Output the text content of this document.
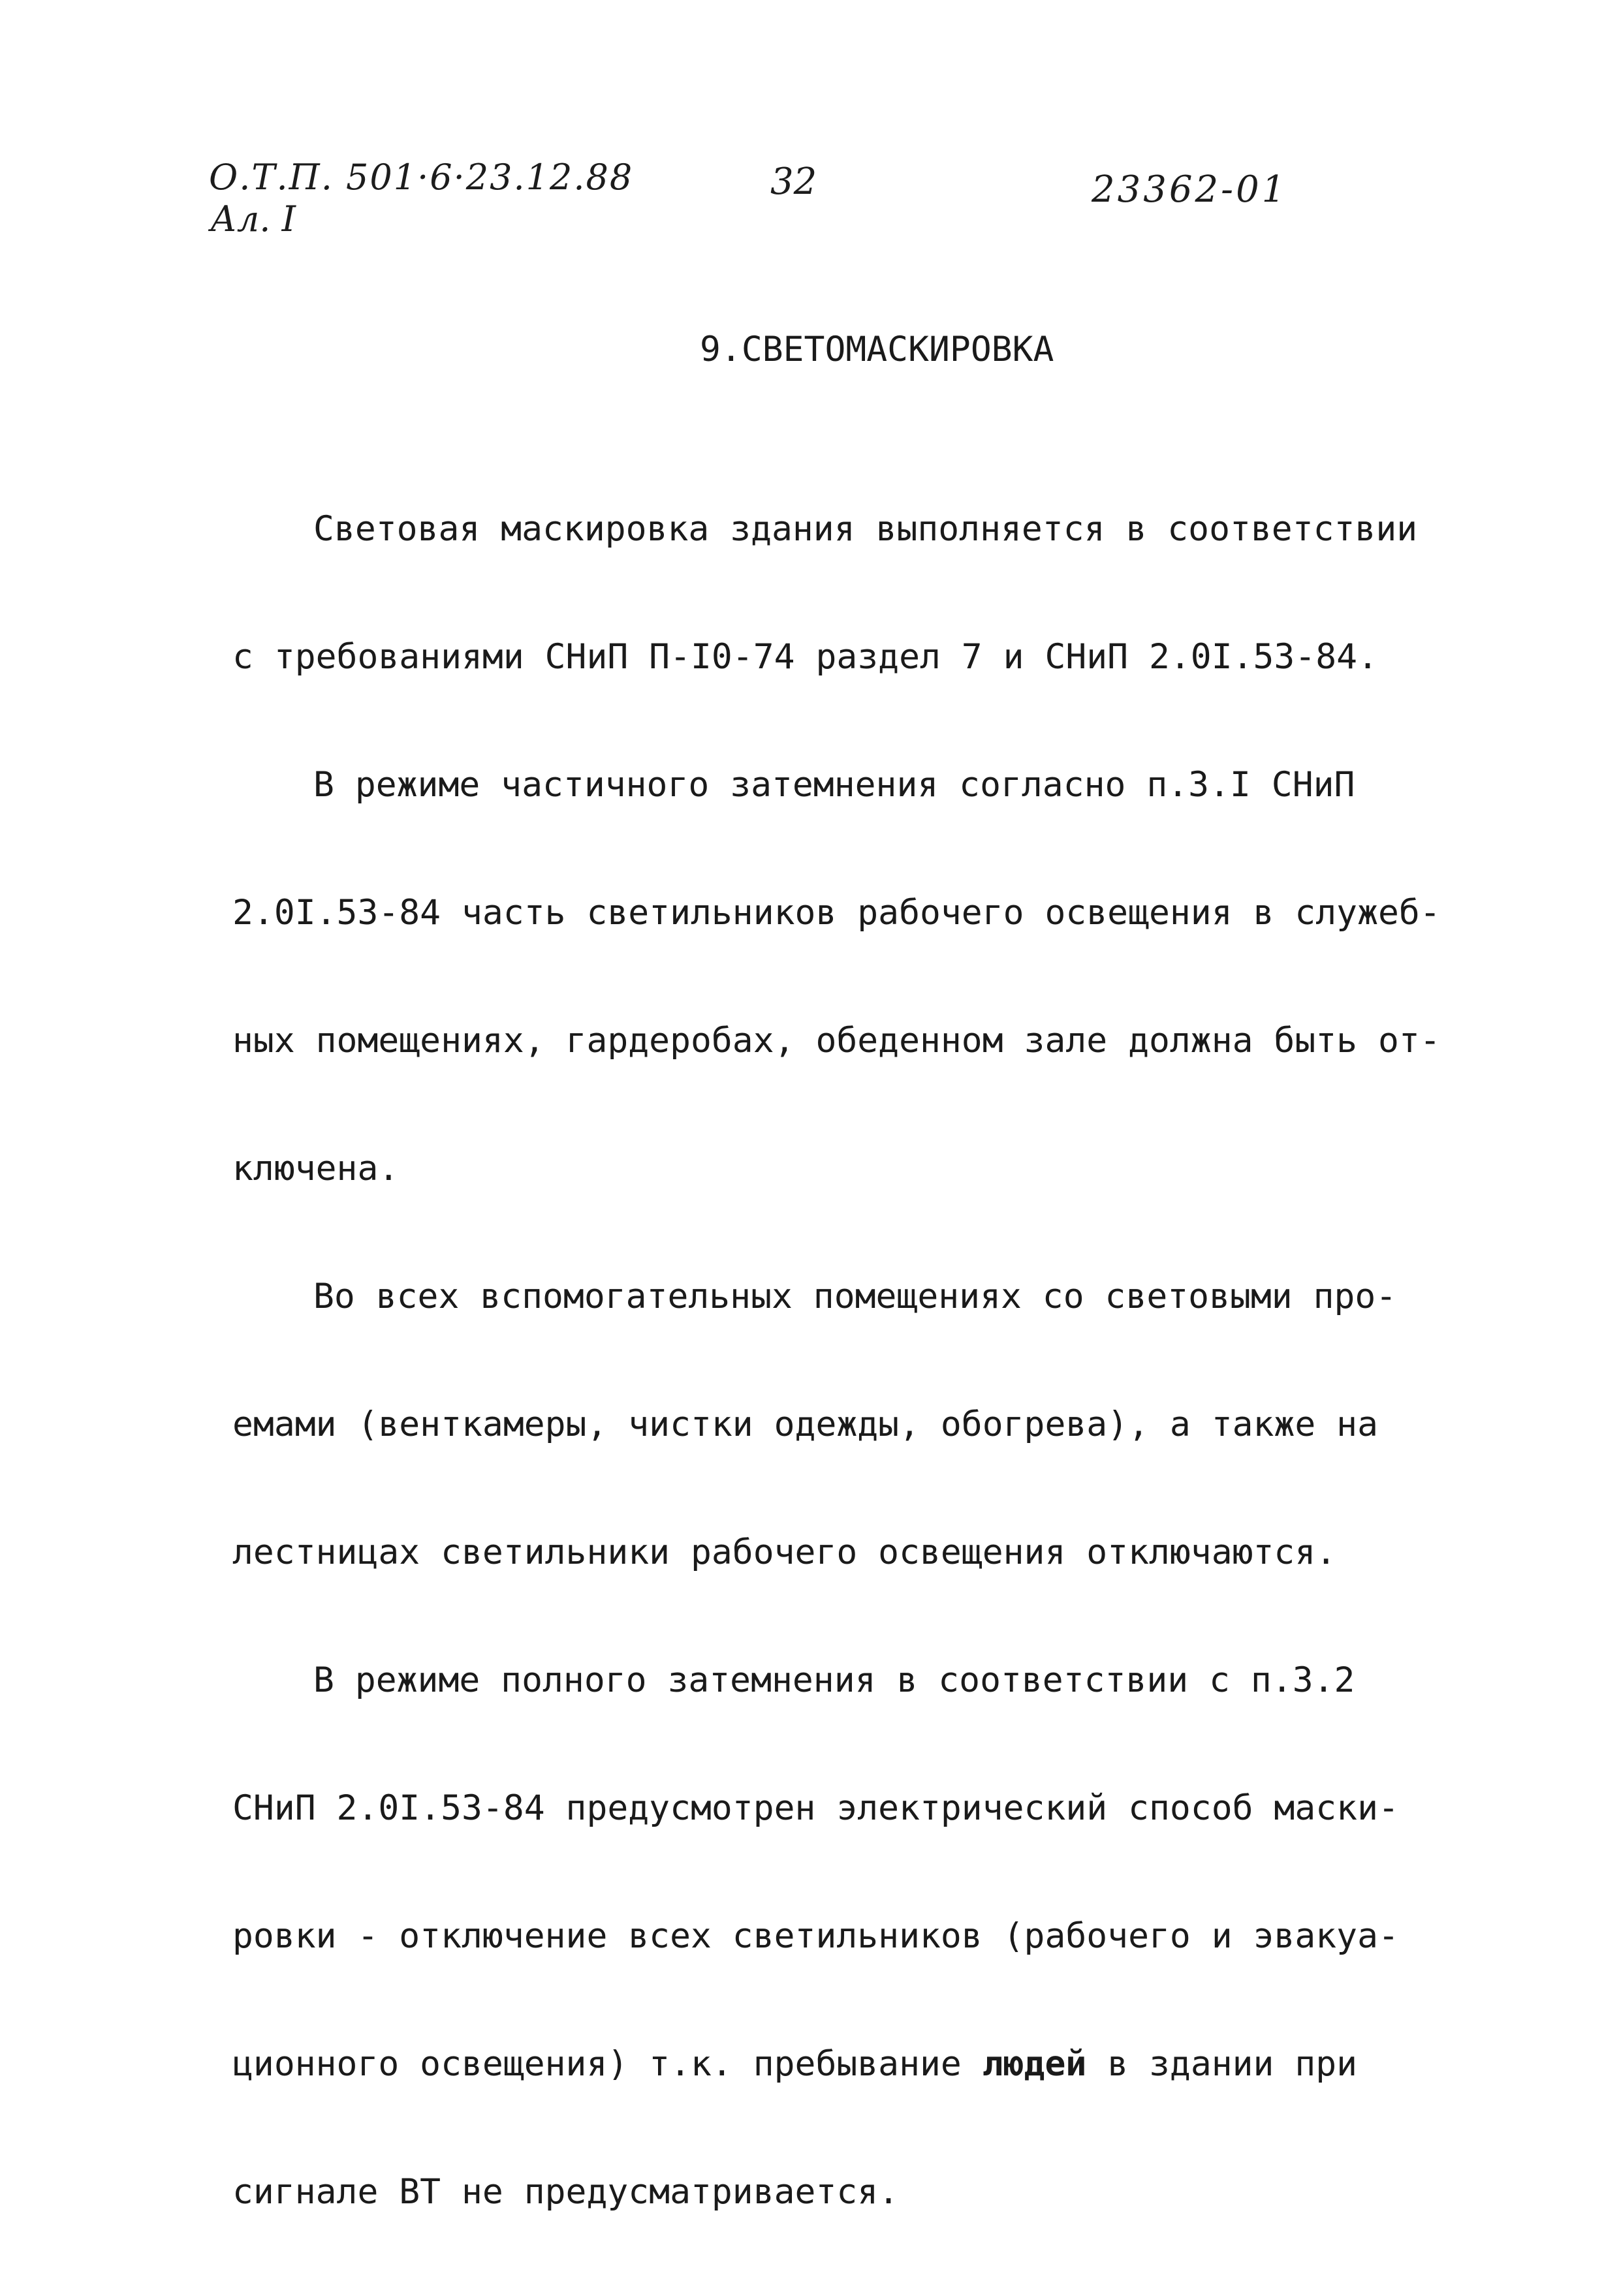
О.Т.П. 501·6·23.12.88
Ал. I
32	23362-01
9.СВЕТОМАСКИРОВКА

Световая маскировка здания выполняется в соответствии

с требованиями СНиП П-I0-74 раздел 7 и СНиП 2.0I.53-84.

В режиме частичного затемнения согласно п.3.I СНиП

2.0I.53-84 часть светильников рабочего освещения в служеб-

ных помещениях, гардеробах, обеденном зале должна быть от-

ключена.

Во всех вспомогательных помещениях со световыми про-

емами (венткамеры, чистки одежды, обогрева), а также на

лестницах светильники рабочего освещения отключаются.

В режиме полного затемнения в соответствии с п.3.2

СНиП 2.0I.53-84 предусмотрен электрический способ маски-

ровки - отключение всех светильников (рабочего и эвакуа-

ционного освещения) т.к. пребывание людей в здании при

сигнале ВТ не предусматривается.
